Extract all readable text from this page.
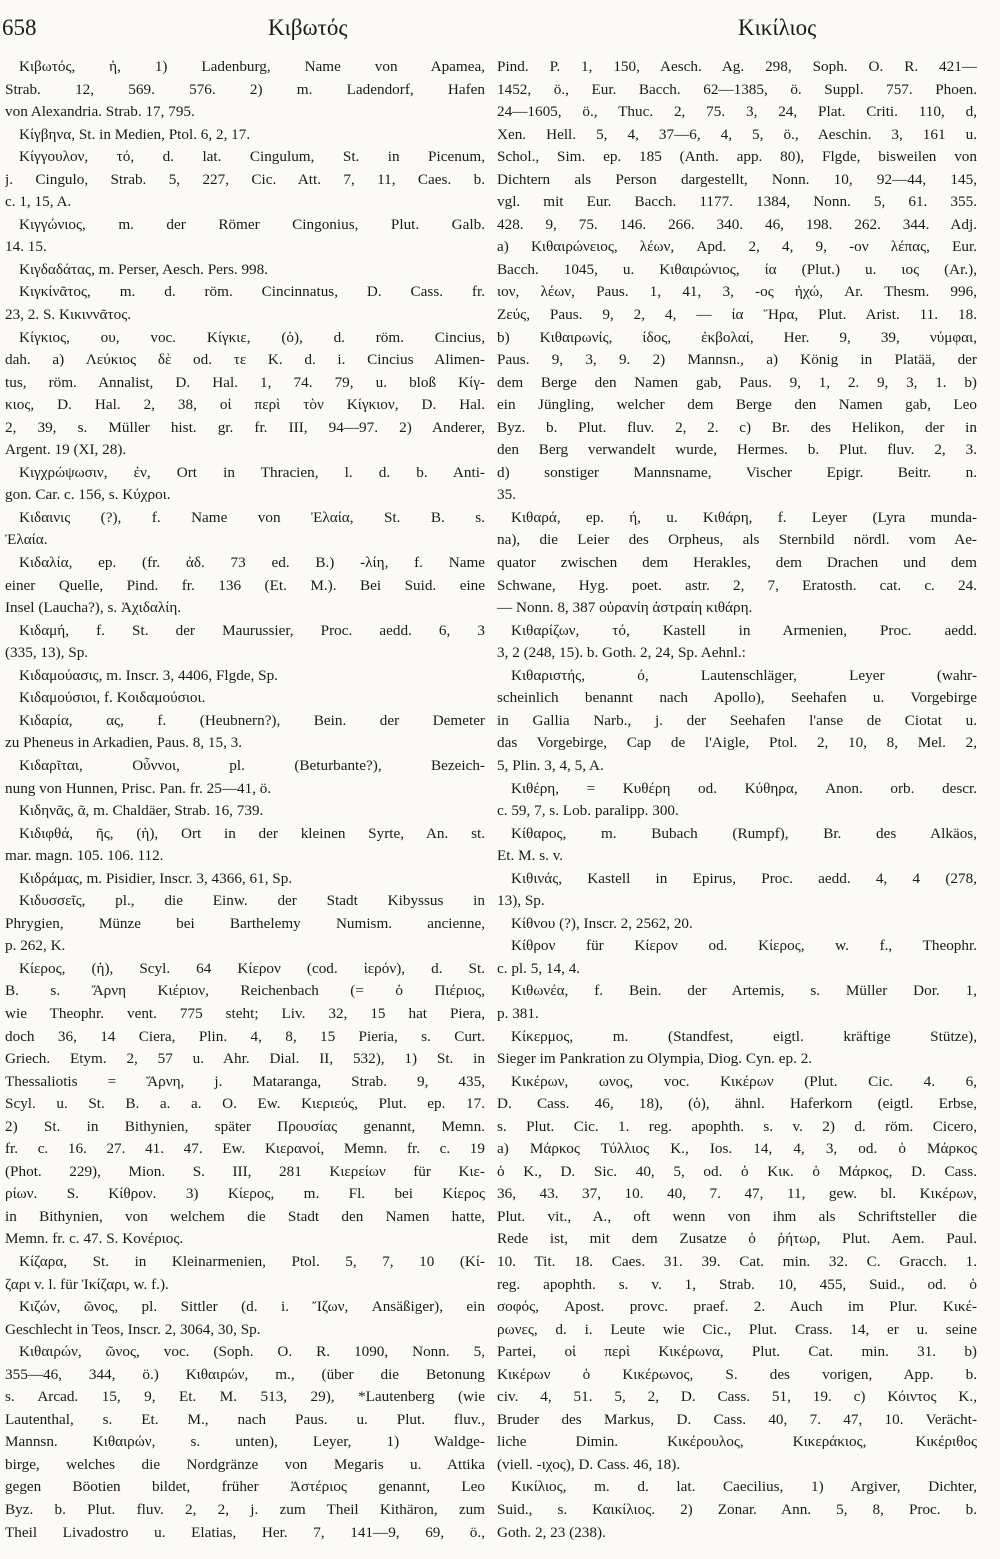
658	Κιβωτός	Κικίλιος
Κιβωτός, ἡ, 1) Ladenburg, Name von Apamea,
Strab. 12, 569. 576. 2) m. Ladendorf, Hafen
von Alexandria. Strab. 17, 795.
Κίγβηνα, St. in Medien, Ptol. 6, 2, 17.
Κίγγουλον, τό, d. lat. Cingulum, St. in Picenum,
j. Cingulo, Strab. 5, 227, Cic. Att. 7, 11, Caes. b.
c. 1, 15, A.
Κιγγώνιος, m. der Römer Cingonius, Plut. Galb.
14. 15.
Κιγδαδάτας, m. Perser, Aesch. Pers. 998.
Κιγκίνᾶτος, m. d. röm. Cincinnatus, D. Cass. fr.
23, 2. S. Κικιννᾶτος.
Κίγκιος, ου, voc. Κίγκιε, (ὁ), d. röm. Cincius,
dah. a) Λεύκιος δὲ od. τε Κ. d. i. Cincius Alimen-
tus, röm. Annalist, D. Hal. 1, 74. 79, u. bloß Κίγ-
κιος, D. Hal. 2, 38, οἱ περὶ τὸν Κίγκιον, D. Hal.
2, 39, s. Müller hist. gr. fr. III, 94—97. 2) Anderer,
Argent. 19 (XI, 28).
Κιγχρώψωσιν, ἐν, Ort in Thracien, l. d. b. Anti-
gon. Car. c. 156, s. Κύχροι.
Κιδαινις (?), f. Name von Ἐλαία, St. B. s.
Ἐλαία.
Κιδαλία, ep. (fr. ἀδ. 73 ed. B.) -λίη, f. Name
einer Quelle, Pind. fr. 136 (Et. M.). Bei Suid. eine
Insel (Laucha?), s. Ἀχιδαλίη.
Κιδαμή, f. St. der Maurussier, Proc. aedd. 6, 3
(335, 13), Sp.
Κιδαμούασις, m. Inscr. 3, 4406, Flgde, Sp.
Κιδαμούσιοι, f. Κοιδαμούσιοι.
Κιδαρία, ας, f. (Heubnern?), Bein. der Demeter
zu Pheneus in Arkadien, Paus. 8, 15, 3.
Κιδαρῖται, Οὖννοι, pl. (Beturbante?), Bezeich-
nung von Hunnen, Prisc. Pan. fr. 25—41, ö.
Κιδηνᾶς, ᾶ, m. Chaldäer, Strab. 16, 739.
Κιδιφθά, ῆς, (ἡ), Ort in der kleinen Syrte, An. st.
mar. magn. 105. 106. 112.
Κιδράμας, m. Pisidier, Inscr. 3, 4366, 61, Sp.
Κιδυσσεῖς, pl., die Einw. der Stadt Kibyssus in
Phrygien, Münze bei Barthelemy Numism. ancienne,
p. 262, K.
Κίερος, (ἡ), Scyl. 64 Κίερον (cod. ἱερόν), d. St.
B. s. Ἄρνη Κιέριον, Reichenbach (= ὁ Πιέριος,
wie Theophr. vent. 775 steht; Liv. 32, 15 hat Piera,
doch 36, 14 Ciera, Plin. 4, 8, 15 Pieria, s. Curt.
Griech. Etym. 2, 57 u. Ahr. Dial. II, 532), 1) St. in
Thessaliotis = Ἄρνη, j. Mataranga, Strab. 9, 435,
Scyl. u. St. B. a. a. O. Ew. Κιεριεύς, Plut. ep. 17.
2) St. in Bithynien, später Προυσίας genannt, Memn.
fr. c. 16. 27. 41. 47. Ew. Κιερανοί, Memn. fr. c. 19
(Phot. 229), Mion. S. III, 281 Κιερείων für Κιε-
ρίων. S. Κίθρον. 3) Κίερος, m. Fl. bei Κίερος
in Bithynien, von welchem die Stadt den Namen hatte,
Memn. fr. c. 47. S. Κονέριος.
Κίζαρα, St. in Kleinarmenien, Ptol. 5, 7, 10 (Κί-
ζαρι v. l. für Ἰκίζαρι, w. f.).
Κιζών, ῶνος, pl. Sittler (d. i. Ἴζων, Ansäßiger), ein
Geschlecht in Teos, Inscr. 2, 3064, 30, Sp.
Κιθαιρών, ῶνος, voc. (Soph. O. R. 1090, Nonn. 5,
355—46, 344, ö.) Κιθαιρών, m., (über die Betonung
s. Arcad. 15, 9, Et. M. 513, 29), *Lautenberg (wie
Lautenthal, s. Et. M., nach Paus. u. Plut. fluv.,
Mannsn. Κιθαιρών, s. unten), Leyer, 1) Waldge-
birge, welches die Nordgränze von Megaris u. Attika
gegen Böotien bildet, früher Ἀστέριος genannt, Leo
Byz. b. Plut. fluv. 2, 2, j. zum Theil Kithäron, zum
Theil Livadostro u. Elatias, Her. 7, 141—9, 69, ö.,
Pind. P. 1, 150, Aesch. Ag. 298, Soph. O. R. 421—
1452, ö., Eur. Bacch. 62—1385, ö. Suppl. 757. Phoen.
24—1605, ö., Thuc. 2, 75. 3, 24, Plat. Criti. 110, d,
Xen. Hell. 5, 4, 37—6, 4, 5, ö., Aeschin. 3, 161 u.
Schol., Sim. ep. 185 (Anth. app. 80), Flgde, bisweilen von
Dichtern als Person dargestellt, Nonn. 10, 92—44, 145,
vgl. mit Eur. Bacch. 1177. 1384, Nonn. 5, 61. 355.
428. 9, 75. 146. 266. 340. 46, 198. 262. 344. Adj.
a) Κιθαιρώνειος, λέων, Apd. 2, 4, 9, -ον λέπας, Eur.
Bacch. 1045, u. Κιθαιρώνιος, ία (Plut.) u. ιος (Ar.),
ιον, λέων, Paus. 1, 41, 3, -ος ἠχώ, Ar. Thesm. 996,
Ζεύς, Paus. 9, 2, 4, — ία Ἥρα, Plut. Arist. 11. 18.
b) Κιθαιρωνίς, ίδος, ἐκβολαί, Her. 9, 39, νύμφαι,
Paus. 9, 3, 9. 2) Mannsn., a) König in Platää, der
dem Berge den Namen gab, Paus. 9, 1, 2. 9, 3, 1. b)
ein Jüngling, welcher dem Berge den Namen gab, Leo
Byz. b. Plut. fluv. 2, 2. c) Br. des Helikon, der in
den Berg verwandelt wurde, Hermes. b. Plut. fluv. 2, 3.
d) sonstiger Mannsname, Vischer Epigr. Beitr. n.
35.
Κιθαρά, ep. ή, u. Κιθάρη, f. Leyer (Lyra munda-
na), die Leier des Orpheus, als Sternbild nördl. vom Ae-
quator zwischen dem Herakles, dem Drachen und dem
Schwane, Hyg. poet. astr. 2, 7, Eratosth. cat. c. 24.
— Nonn. 8, 387 οὐρανίη ἀστραίη κιθάρη.
Κιθαρίζων, τό, Kastell in Armenien, Proc. aedd.
3, 2 (248, 15). b. Goth. 2, 24, Sp. Aehnl.:
Κιθαριστής, ό, Lautenschläger, Leyer (wahr-
scheinlich benannt nach Apollo), Seehafen u. Vorgebirge
in Gallia Narb., j. der Seehafen l'anse de Ciotat u.
das Vorgebirge, Cap de l'Aigle, Ptol. 2, 10, 8, Mel. 2,
5, Plin. 3, 4, 5, A.
Κιθέρη, = Κυθέρη od. Κύθηρα, Anon. orb. descr.
c. 59, 7, s. Lob. paralipp. 300.
Κίθαρος, m. Bubach (Rumpf), Br. des Alkäos,
Et. M. s. v.
Κιθινάς, Kastell in Epirus, Proc. aedd. 4, 4 (278,
13), Sp.
Κίθνου (?), Inscr. 2, 2562, 20.
Κίθρον für Κίερον od. Κίερος, w. f., Theophr.
c. pl. 5, 14, 4.
Κιθωνέα, f. Bein. der Artemis, s. Müller Dor. 1,
p. 381.
Κίκερμος, m. (Standfest, eigtl. kräftige Stütze),
Sieger im Pankration zu Olympia, Diog. Cyn. ep. 2.
Κικέρων, ωνος, voc. Κικέρων (Plut. Cic. 4. 6,
D. Cass. 46, 18), (ὁ), ähnl. Haferkorn (eigtl. Erbse,
s. Plut. Cic. 1. reg. apophth. s. v. 2) d. röm. Cicero,
a) Μάρκος Τύλλιος Κ., Ios. 14, 4, 3, od. ὁ Μάρκος
ὁ Κ., D. Sic. 40, 5, od. ὁ Κικ. ὁ Μάρκος, D. Cass.
36, 43. 37, 10. 40, 7. 47, 11, gew. bl. Κικέρων,
Plut. vit., A., oft wenn von ihm als Schriftsteller die
Rede ist, mit dem Zusatze ὁ ῥήτωρ, Plut. Aem. Paul.
10. Tit. 18. Caes. 31. 39. Cat. min. 32. C. Gracch. 1.
reg. apophth. s. v. 1, Strab. 10, 455, Suid., od. ὁ
σοφός, Apost. provc. praef. 2. Auch im Plur. Κικέ-
ρωνες, d. i. Leute wie Cic., Plut. Crass. 14, er u. seine
Partei, οἱ περὶ Κικέρωνα, Plut. Cat. min. 31. b)
Κικέρων ὁ Κικέρωνος, S. des vorigen, App. b.
civ. 4, 51. 5, 2, D. Cass. 51, 19. c) Κόιντος Κ.,
Bruder des Markus, D. Cass. 40, 7. 47, 10. Verächt-
liche Dimin. Κικέρουλος, Κικεράκιος, Κικέριθος
(viell. -ιχος), D. Cass. 46, 18).
Κικίλιος, m. d. lat. Caecilius, 1) Argiver, Dichter,
Suid., s. Καικίλιος. 2) Zonar. Ann. 5, 8, Proc. b.
Goth. 2, 23 (238).
